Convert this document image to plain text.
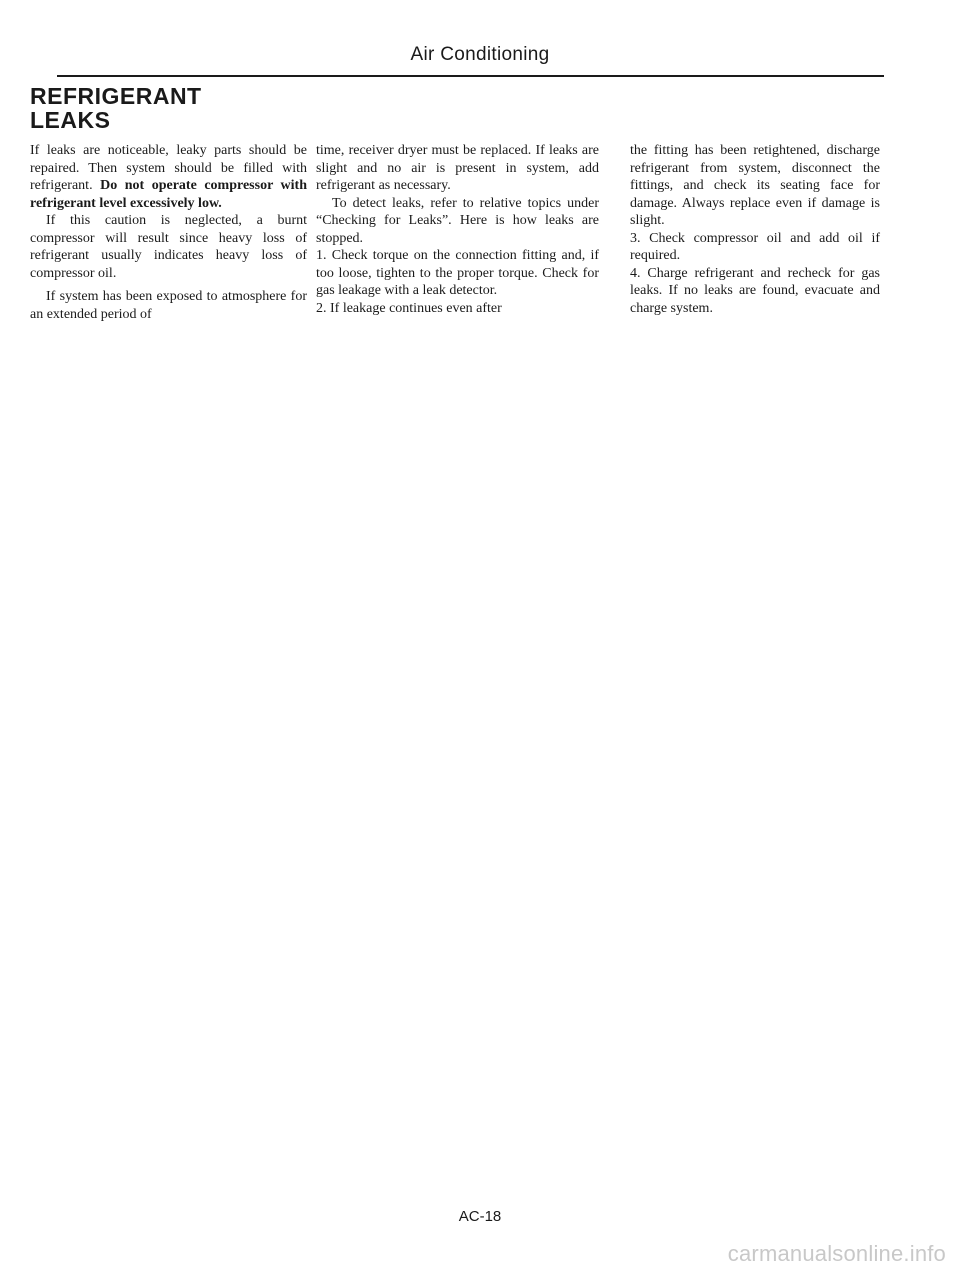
Air Conditioning
REFRIGERANT
LEAKS

If leaks are noticeable, leaky parts should be repaired. Then system should be filled with refrigerant. Do not operate compressor with refrigerant level excessively low.

If this caution is neglected, a burnt compressor will result since heavy loss of refrigerant usually indicates heavy loss of compressor oil.

If system has been exposed to atmosphere for an extended period of

time, receiver dryer must be replaced. If leaks are slight and no air is present in system, add refrigerant as necessary.

To detect leaks, refer to relative topics under “Checking for Leaks”. Here is how leaks are stopped.

1. Check torque on the connection fitting and, if too loose, tighten to the proper torque. Check for gas leakage with a leak detector.

2. If leakage continues even after

the fitting has been retightened, discharge refrigerant from system, disconnect the fittings, and check its seating face for damage. Always replace even if damage is slight.

3. Check compressor oil and add oil if required.

4. Charge refrigerant and recheck for gas leaks. If no leaks are found, evacuate and charge system.

AC-18
carmanualsonline.info
